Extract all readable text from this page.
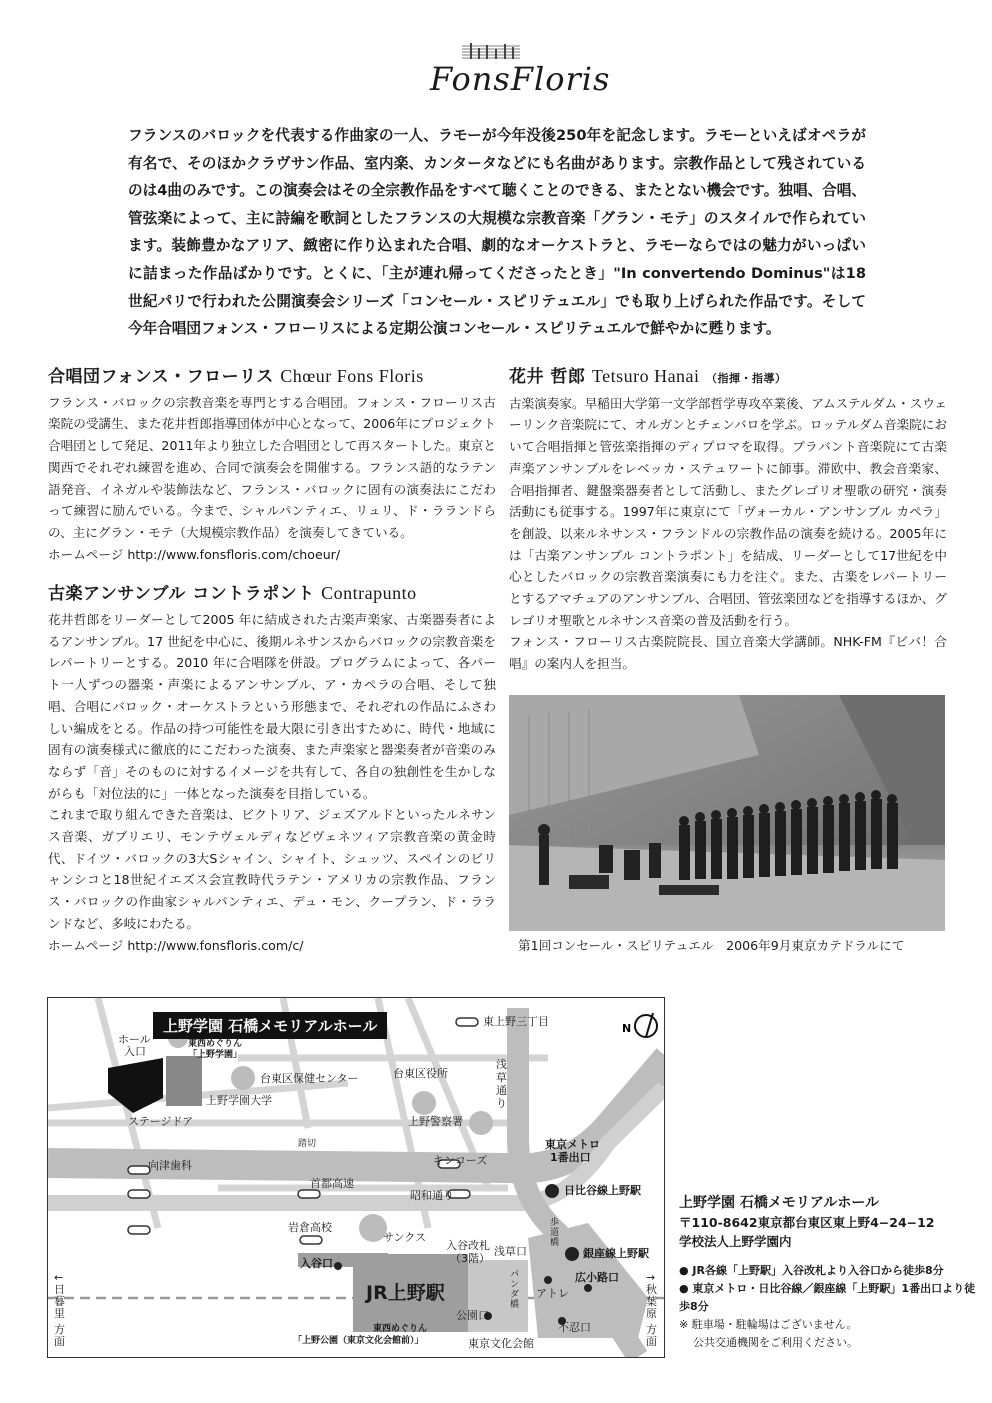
FonsFloris

フランスのバロックを代表する作曲家の一人、ラモーが今年没後250年を記念します。ラモーといえばオペラが有名で、そのほかクラヴサン作品、室内楽、カンタータなどにも名曲があります。宗教作品として残されているのは4曲のみです。この演奏会はその全宗教作品をすべて聴くことのできる、またとない機会です。独唱、合唱、管弦楽によって、主に詩編を歌詞としたフランスの大規模な宗教音楽「グラン・モテ」のスタイルで作られています。装飾豊かなアリア、緻密に作り込まれた合唱、劇的なオーケストラと、ラモーならではの魅力がいっぱいに詰まった作品ばかりです。とくに、「主が連れ帰ってくださったとき」"In convertendo Dominus"は18世紀パリで行われた公開演奏会シリーズ「コンセール・スピリテュエル」でも取り上げられた作品です。そして今年合唱団フォンス・フローリスによる定期公演コンセール・スピリテュエルで鮮やかに甦ります。

合唱団フォンス・フローリス Chœur Fons Floris

フランス・バロックの宗教音楽を専門とする合唱団。フォンス・フローリス古楽院の受講生、また花井哲郎指導団体が中心となって、2006年にプロジェクト合唱団として発足、2011年より独立した合唱団として再スタートした。東京と関西でそれぞれ練習を進め、合同で演奏会を開催する。フランス語的なラテン語発音、イネガルや装飾法など、フランス・バロックに固有の演奏法にこだわって練習に励んでいる。今まで、シャルパンティエ、リュリ、ド・ラランドらの、主にグラン・モテ（大規模宗教作品）を演奏してきている。

ホームページ http://www.fonsfloris.com/choeur/

古楽アンサンブル コントラポント Contrapunto

花井哲郎をリーダーとして2005 年に結成された古楽声楽家、古楽器奏者によるアンサンブル。17 世紀を中心に、後期ルネサンスからバロックの宗教音楽をレパートリーとする。2010 年に合唱隊を併設。プログラムによって、各パート一人ずつの器楽・声楽によるアンサンブル、ア・カペラの合唱、そして独唱、合唱にバロック・オーケストラという形態まで、それぞれの作品にふさわしい編成をとる。作品の持つ可能性を最大限に引き出すために、時代・地域に固有の演奏様式に徹底的にこだわった演奏、また声楽家と器楽奏者が音楽のみならず「音」そのものに対するイメージを共有して、各自の独創性を生かしながらも「対位法的に」一体となった演奏を目指している。

これまで取り組んできた音楽は、ビクトリア、ジェズアルドといったルネサンス音楽、ガブリエリ、モンテヴェルディなどヴェネツィア宗教音楽の黄金時代、ドイツ・バロックの3大Sシャイン、シャイト、シュッツ、スペインのビリャンシコと18世紀イエズス会宣教時代ラテン・アメリカの宗教作品、フランス・バロックの作曲家シャルパンティエ、デュ・モン、クープラン、ド・ラランドなど、多岐にわたる。

ホームページ http://www.fonsfloris.com/c/

花井 哲郎 Tetsuro Hanai （指揮・指導）

古楽演奏家。早稲田大学第一文学部哲学専攻卒業後、アムステルダム・スウェーリンク音楽院にて、オルガンとチェンバロを学ぶ。ロッテルダム音楽院において合唱指揮と管弦楽指揮のディプロマを取得。ブラバント音楽院にて古楽声楽アンサンブルをレベッカ・ステュワートに師事。滞欧中、教会音楽家、合唱指揮者、鍵盤楽器奏者として活動し、またグレゴリオ聖歌の研究・演奏活動にも従事する。1997年に東京にて「ヴォーカル・アンサンブル カペラ」を創設、以来ルネサンス・フランドルの宗教作品の演奏を続ける。2005年には「古楽アンサンブル コントラポント」を結成、リーダーとして17世紀を中心としたバロックの宗教音楽演奏にも力を注ぐ。また、古楽をレパートリーとするアマチュアのアンサンブル、合唱団、管弦楽団などを指導するほか、グレゴリオ聖歌とルネサンス音楽の普及活動を行う。

フォンス・フローリス古楽院院長、国立音楽大学講師。NHK-FM『ビバ！合唱』の案内人を担当。

第1回コンセール・スピリテュエル　2006年9月東京カテドラルにて
N
上野学園 石橋メモリアルホール
ホール
入口
東西めぐりん
「上野学園」
ステージドア
上野学園大学
台東区保健センター	台東区役所
上野警察署
東上野三丁目
浅草通り
踏切
向津歯科	キンコーズ
東京メトロ
1番出口
首都高速
昭和通り	日比谷線上野駅
岩倉高校
サンクス
歩道橋
銀座線上野駅
入谷口
入谷改札
（3階）
浅草口
パンダ橋
JR上野駅	アトレ
広小路口
公園口
不忍口
東西めぐりん
「上野公園（東京文化会館前）」	東京文化会館
←日暮里
方面
→秋葉原
方面
上野学園 石橋メモリアルホール
〒110-8642東京都台東区東上野4−24−12
学校法人上野学園内
● JR各線「上野駅」入谷改札より入谷口から徒歩8分
● 東京メトロ・日比谷線／銀座線「上野駅」1番出口より徒歩8分
※ 駐車場・駐輪場はございません。
公共交通機関をご利用ください。
